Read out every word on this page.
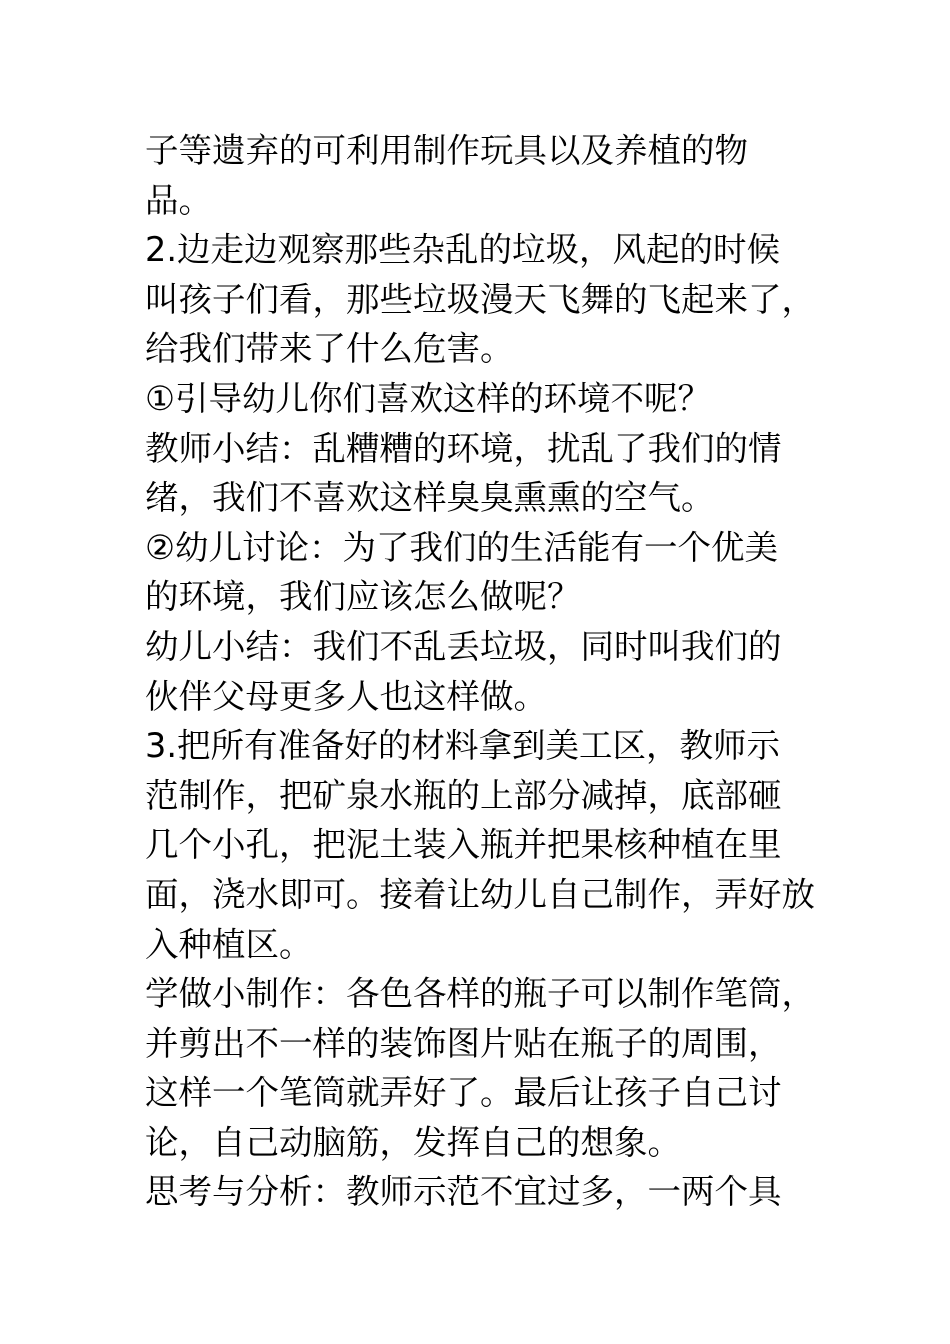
子等遗弃的可利用制作玩具以及养植的物
品。
2.边走边观察那些杂乱的垃圾，风起的时候
叫孩子们看，那些垃圾漫天飞舞的飞起来了，
给我们带来了什么危害。
①引导幼儿你们喜欢这样的环境不呢？
教师小结：乱糟糟的环境，扰乱了我们的情
绪，我们不喜欢这样臭臭熏熏的空气。
②幼儿讨论：为了我们的生活能有一个优美
的环境，我们应该怎么做呢？
幼儿小结：我们不乱丢垃圾，同时叫我们的
伙伴父母更多人也这样做。
3.把所有准备好的材料拿到美工区，教师示
范制作，把矿泉水瓶的上部分减掉，底部砸
几个小孔，把泥土装入瓶并把果核种植在里
面，浇水即可。接着让幼儿自己制作，弄好放
入种植区。
学做小制作：各色各样的瓶子可以制作笔筒，
并剪出不一样的装饰图片贴在瓶子的周围，
这样一个笔筒就弄好了。最后让孩子自己讨
论，自己动脑筋，发挥自己的想象。
思考与分析：教师示范不宜过多，一两个具
